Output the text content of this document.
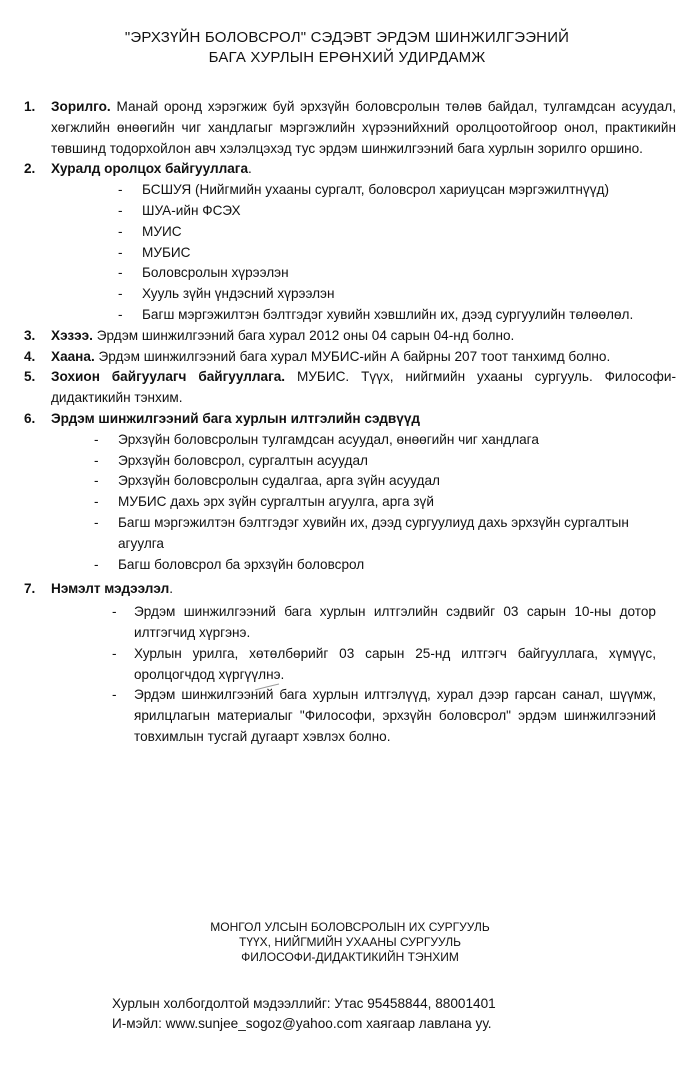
"ЭРХЗҮЙН БОЛОВСРОЛ" СЭДЭВТ ЭРДЭМ ШИНЖИЛГЭЭНИЙ
БАГА ХУРЛЫН ЕРӨНХИЙ УДИРДАМЖ
1. Зорилго. Манай оронд хэрэгжиж буй эрхзүйн боловсролын төлөв байдал, тулгамдсан асуудал, хөгжлийн өнөөгийн чиг хандлагыг мэргэжлийн хүрээнийхний оролцоотойгоор онол, практикийн төвшинд тодорхойлон авч хэлэлцэхэд тус эрдэм шинжилгээний бага хурлын зорилго оршино.
2. Хуралд оролцох байгууллага.
- БСШУЯ (Нийгмийн ухааны сургалт, боловсрол хариуцсан мэргэжилтнүүд)
- ШУА-ийн ФСЭХ
- МУИС
- МУБИС
- Боловсролын хүрээлэн
- Хууль зүйн үндэсний хүрээлэн
- Багш мэргэжилтэн бэлтгэдэг хувийн хэвшлийн их, дээд сургуулийн төлөөлөл.
3. Хэзээ. Эрдэм шинжилгээний бага хурал 2012 оны 04 сарын 04-нд болно.
4. Хаана. Эрдэм шинжилгээний бага хурал МУБИС-ийн А байрны 207 тоот танхимд болно.
5. Зохион байгуулагч байгууллага. МУБИС. Түүх, нийгмийн ухааны сургууль. Философи-дидактикийн тэнхим.
6. Эрдэм шинжилгээний бага хурлын илтгэлийн сэдвүүд
- Эрхзүйн боловсролын тулгамдсан асуудал, өнөөгийн чиг хандлага
- Эрхзүйн боловсрол, сургалтын асуудал
- Эрхзүйн боловсролын судалгаа, арга зүйн асуудал
- МУБИС дахь эрх зүйн сургалтын агуулга, арга зүй
- Багш мэргэжилтэн бэлтгэдэг хувийн их, дээд сургуулиуд дахь эрхзүйн сургалтын агуулга
- Багш боловсрол ба эрхзүйн боловсрол
7. Нэмэлт мэдээлэл.
- Эрдэм шинжилгээний бага хурлын илтгэлийн сэдвийг 03 сарын 10-ны дотор илтгэгчид хүргэнэ.
- Хурлын урилга, хөтөлбөрийг 03 сарын 25-нд илтгэгч байгууллага, хүмүүс, оролцогчдод хүргүүлнэ.
- Эрдэм шинжилгээний бага хурлын илтгэлүүд, хурал дээр гарсан санал, шүүмж, ярилцлагын материалыг "Философи, эрхзүйн боловсрол" эрдэм шинжилгээний товхимлын тусгай дугаарт хэвлэх болно.
МОНГОЛ УЛСЫН БОЛОВСРОЛЫН ИХ СУРГУУЛЬ
ТҮҮХ, НИЙГМИЙН УХААНЫ СУРГУУЛЬ
ФИЛОСОФИ-ДИДАКТИКИЙН ТЭНХИМ
Хурлын холбогдолтой мэдээллийг: Утас 95458844, 88001401
И-мэйл: www.sunjee_sogoz@yahoo.com хаягаар лавлана уу.
